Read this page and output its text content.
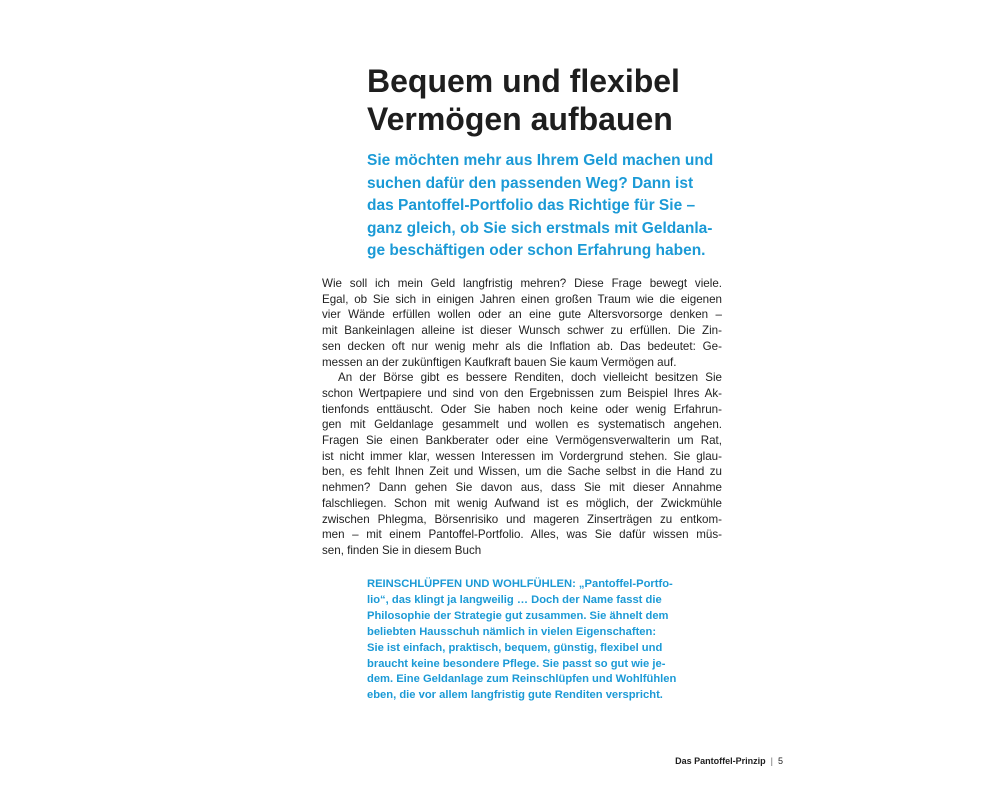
Bequem und flexibel
Vermögen aufbauen
Sie möchten mehr aus Ihrem Geld machen und
suchen dafür den passenden Weg? Dann ist
das Pantoffel-Portfolio das Richtige für Sie –
ganz gleich, ob Sie sich erstmals mit Geldanla-
ge beschäftigen oder schon Erfahrung haben.
Wie soll ich mein Geld langfristig mehren? Diese Frage bewegt viele.
Egal, ob Sie sich in einigen Jahren einen großen Traum wie die eigenen
vier Wände erfüllen wollen oder an eine gute Altersvorsorge denken –
mit Bankeinlagen alleine ist dieser Wunsch schwer zu erfüllen. Die Zin-
sen decken oft nur wenig mehr als die Inflation ab. Das bedeutet: Ge-
messen an der zukünftigen Kaufkraft bauen Sie kaum Vermögen auf.
An der Börse gibt es bessere Renditen, doch vielleicht besitzen Sie
schon Wertpapiere und sind von den Ergebnissen zum Beispiel Ihres Ak-
tienfonds enttäuscht. Oder Sie haben noch keine oder wenig Erfahrun-
gen mit Geldanlage gesammelt und wollen es systematisch angehen.
Fragen Sie einen Bankberater oder eine Vermögensverwalterin um Rat,
ist nicht immer klar, wessen Interessen im Vordergrund stehen. Sie glau-
ben, es fehlt Ihnen Zeit und Wissen, um die Sache selbst in die Hand zu
nehmen? Dann gehen Sie davon aus, dass Sie mit dieser Annahme
falschliegen. Schon mit wenig Aufwand ist es möglich, der Zwickmühle
zwischen Phlegma, Börsenrisiko und mageren Zinserträgen zu entkom-
men – mit einem Pantoffel-Portfolio. Alles, was Sie dafür wissen müs-
sen, finden Sie in diesem Buch
REINSCHLÜPFEN UND WOHLFÜHLEN: „Pantoffel-Portfo-
lio“, das klingt ja langweilig … Doch der Name fasst die
Philosophie der Strategie gut zusammen. Sie ähnelt dem
beliebten Hausschuh nämlich in vielen Eigenschaften:
Sie ist einfach, praktisch, bequem, günstig, flexibel und
braucht keine besondere Pflege. Sie passt so gut wie je-
dem. Eine Geldanlage zum Reinschlüpfen und Wohlfühlen
eben, die vor allem langfristig gute Renditen verspricht.
Das Pantoffel-Prinzip | 5
